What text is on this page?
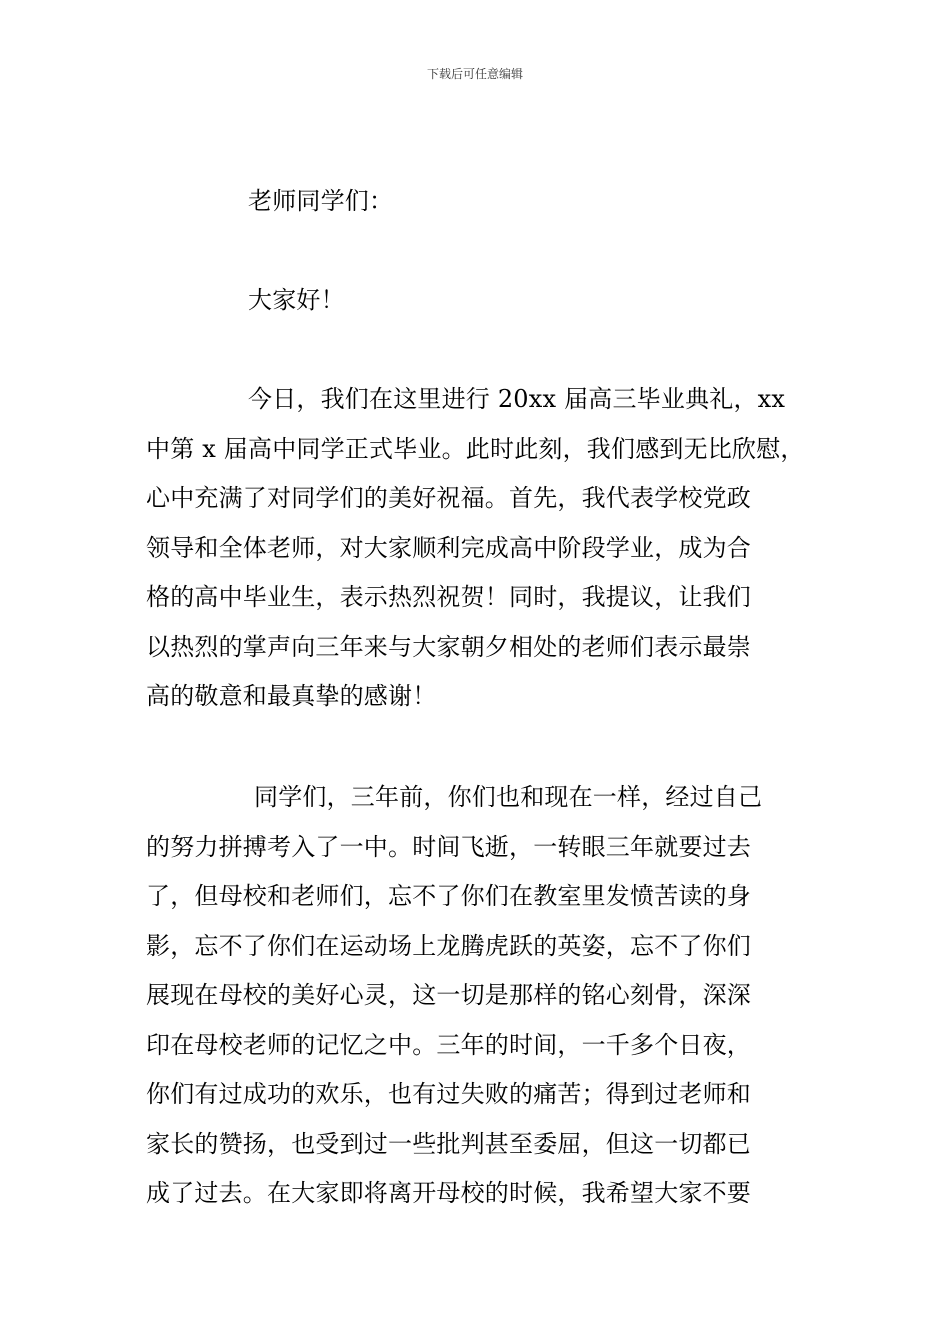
下载后可任意编辑

老师同学们：

大家好！

今日，我们在这里进行 20xx 届高三毕业典礼，xx
中第 x 届高中同学正式毕业。此时此刻，我们感到无比欣慰，
心中充满了对同学们的美好祝福。首先，我代表学校党政
领导和全体老师，对大家顺利完成高中阶段学业，成为合
格的高中毕业生，表示热烈祝贺！同时，我提议，让我们
以热烈的掌声向三年来与大家朝夕相处的老师们表示最崇
高的敬意和最真挚的感谢！
同学们，三年前，你们也和现在一样，经过自己
的努力拼搏考入了一中。时间飞逝，一转眼三年就要过去
了，但母校和老师们，忘不了你们在教室里发愤苦读的身
影，忘不了你们在运动场上龙腾虎跃的英姿，忘不了你们
展现在母校的美好心灵，这一切是那样的铭心刻骨，深深
印在母校老师的记忆之中。三年的时间，一千多个日夜，
你们有过成功的欢乐，也有过失败的痛苦；得到过老师和
家长的赞扬，也受到过一些批判甚至委屈，但这一切都已
成了过去。在大家即将离开母校的时候，我希望大家不要
